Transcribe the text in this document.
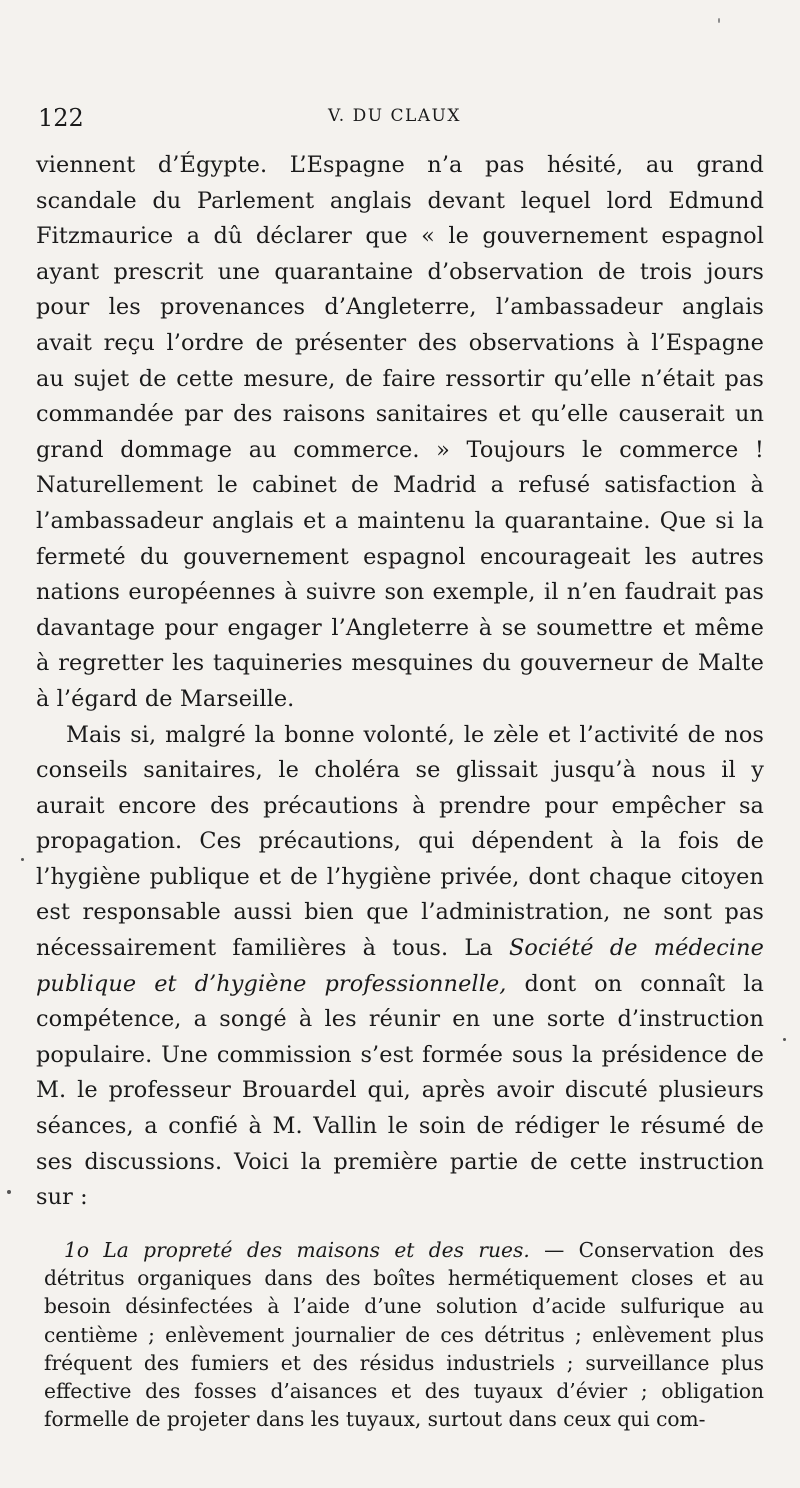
122	V. DU CLAUX

viennent d’Égypte. L’Espagne n’a pas hésité, au grand scandale du Parlement anglais devant lequel lord Edmund Fitzmaurice a dû déclarer que « le gouvernement espagnol ayant prescrit une quarantaine d’observation de trois jours pour les provenances d’Angleterre, l’ambassadeur anglais avait reçu l’ordre de présenter des observations à l’Espagne au sujet de cette mesure, de faire ressortir qu’elle n’était pas commandée par des raisons sanitaires et qu’elle causerait un grand dommage au commerce. » Toujours le commerce ! Naturellement le cabinet de Madrid a refusé satisfaction à l’ambassadeur anglais et a maintenu la quarantaine. Que si la fermeté du gouvernement espagnol encourageait les autres nations européennes à suivre son exemple, il n’en faudrait pas davantage pour engager l’Angleterre à se soumettre et même à regretter les taquineries mesquines du gouverneur de Malte à l’égard de Marseille.

Mais si, malgré la bonne volonté, le zèle et l’activité de nos conseils sanitaires, le choléra se glissait jusqu’à nous il y aurait encore des précautions à prendre pour empêcher sa propagation. Ces précautions, qui dépendent à la fois de l’hygiène publique et de l’hygiène privée, dont chaque citoyen est responsable aussi bien que l’administration, ne sont pas nécessairement familières à tous. La Société de médecine publique et d’hygiène professionnelle, dont on connaît la compétence, a songé à les réunir en une sorte d’instruction populaire. Une commission s’est formée sous la présidence de M. le professeur Brouardel qui, après avoir discuté plusieurs séances, a confié à M. Vallin le soin de rédiger le résumé de ses discussions. Voici la première partie de cette instruction sur :

1o La propreté des maisons et des rues. — Conservation des détritus organiques dans des boîtes hermétiquement closes et au besoin désinfectées à l’aide d’une solution d’acide sulfurique au centième ; enlèvement journalier de ces détritus ; enlèvement plus fréquent des fumiers et des résidus industriels ; surveillance plus effective des fosses d’aisances et des tuyaux d’évier ; obligation formelle de projeter dans les tuyaux, surtout dans ceux qui com-
